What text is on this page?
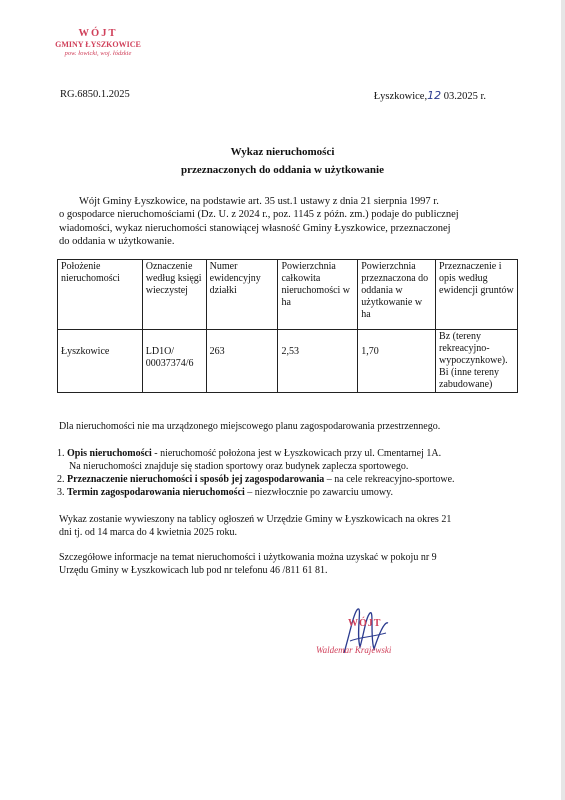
WÓJT
GMINY ŁYSZKOWICE
pow. łowicki, woj. łódzkie
RG.6850.1.2025	Łyszkowice,12 03.2025 r.
Wykaz nieruchomości
przeznaczonych do oddania w użytkowanie
Wójt Gminy Łyszkowice, na podstawie art. 35 ust.1 ustawy z dnia 21 sierpnia 1997 r.
o gospodarce nieruchomościami (Dz. U. z 2024 r., poz. 1145 z późn. zm.) podaje do publicznej
wiadomości, wykaz nieruchomości stanowiącej własność Gminy Łyszkowice, przeznaczonej
do oddania w użytkowanie.
Położenie nieruchomości	Oznaczenie według księgi wieczystej	Numer ewidencyjny działki	Powierzchnia całkowita nieruchomości w ha	Powierzchnia przeznaczona do oddania w użytkowanie w ha	Przeznaczenie i opis według ewidencji gruntów
Łyszkowice	LD1O/ 00037374/6	263	2,53	1,70	Bz (tereny rekreacyjno-wypoczynkowe). Bi (inne tereny zabudowane)
Dla nieruchomości nie ma urządzonego miejscowego planu zagospodarowania przestrzennego.
1. Opis nieruchomości - nieruchomość położona jest w Łyszkowicach przy ul. Cmentarnej 1A.
Na nieruchomości znajduje się stadion sportowy oraz budynek zaplecza sportowego.
2. Przeznaczenie nieruchomości i sposób jej zagospodarowania – na cele rekreacyjno-sportowe.
3. Termin zagospodarowania nieruchomości – niezwłocznie po zawarciu umowy.
Wykaz zostanie wywieszony na tablicy ogłoszeń w Urzędzie Gminy w Łyszkowicach na okres 21
dni tj. od 14 marca do 4 kwietnia 2025 roku.
Szczegółowe informacje na temat nieruchomości i użytkowania można uzyskać w pokoju nr 9
Urzędu Gminy w Łyszkowicach lub pod nr telefonu 46 /811 61 81.
WÓJT
Waldemar Krajewski
